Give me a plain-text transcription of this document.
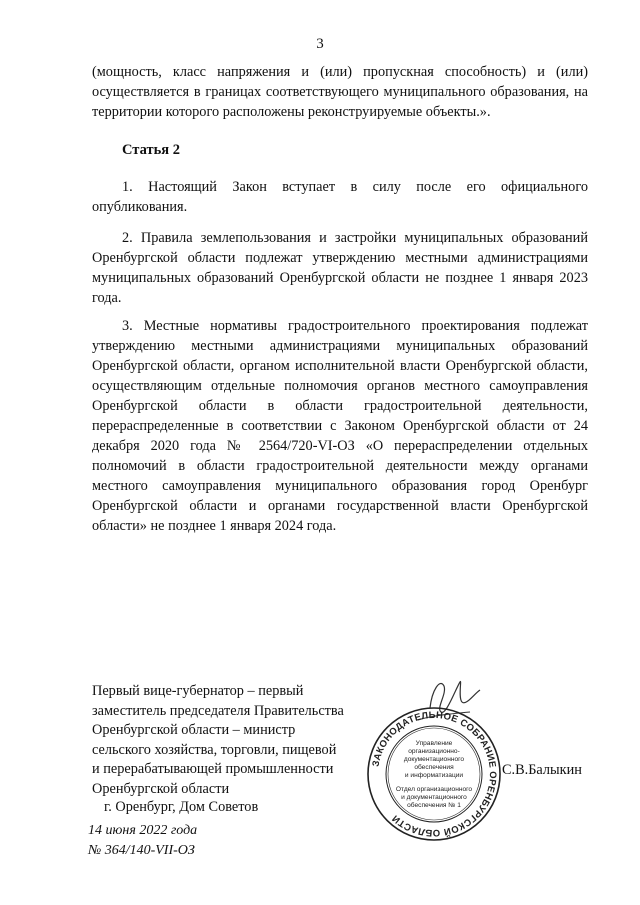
3

(мощность, класс напряжения и (или) пропускная способность) и (или) осуществляется в границах соответствующего муниципального образования, на территории которого расположены реконструируемые объекты.».

Статья 2

1. Настоящий Закон вступает в силу после его официального опубликования.

2. Правила землепользования и застройки муниципальных образований Оренбургской области подлежат утверждению местными администрациями муниципальных образований Оренбургской области не позднее 1 января 2023 года.

3. Местные нормативы градостроительного проектирования подлежат утверждению местными администрациями муниципальных образований Оренбургской области, органом исполнительной власти Оренбургской области, осуществляющим отдельные полномочия органов местного самоуправления Оренбургской области в области градостроительной деятельности, перераспределенные в соответствии с Законом Оренбургской области от 24 декабря 2020 года № 2564/720-VI-ОЗ «О перераспределении отдельных полномочий в области градостроительной деятельности между органами местного самоуправления муниципального образования город Оренбург Оренбургской области и органами государственной власти Оренбургской области» не позднее 1 января 2024 года.

Первый вице-губернатор – первый
заместитель председателя Правительства
Оренбургской области – министр
сельского хозяйства, торговли, пищевой
и перерабатывающей промышленности
Оренбургской области
ЗАКОНОДАТЕЛЬНОЕ СОБРАНИЕ ОРЕНБУРГСКОЙ ОБЛАСТИ
Управление
организационно-
документационного
обеспечения
и информатизации
Отдел организационного
и документационного
обеспечения № 1
С.В.Балыкин
г. Оренбург, Дом Советов
14 июня 2022 года
№ 364/140-VII-ОЗ
